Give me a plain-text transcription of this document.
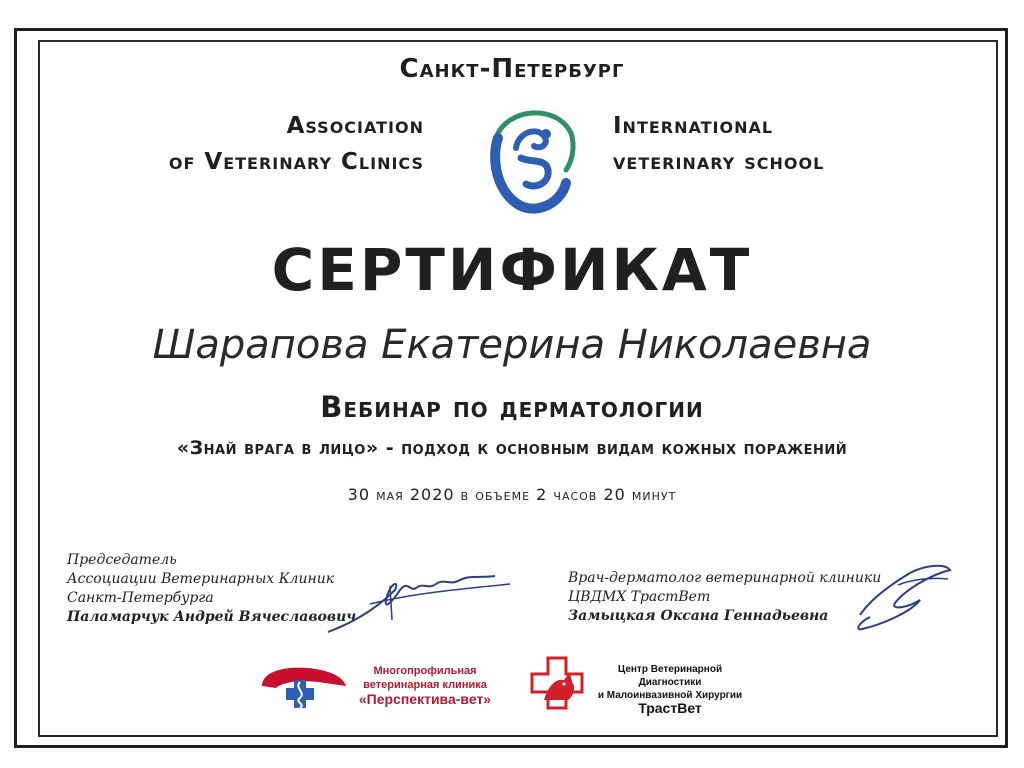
Санкт-Петербург
Association
of Veterinary Clinics
International
veterinary school
СЕРТИФИКАТ
Шарапова Екатерина Николаевна
Вебинар по дерматологии
«Знай врага в лицо» - подход к основным видам кожных поражений
30 мая 2020 в объеме 2 часов 20 минут
Председатель
Ассоциации Ветеринарных Клиник
Санкт-Петербурга
Паламарчук Андрей Вячеславович
Врач-дерматолог ветеринарной клиники
ЦВДМХ ТрастВет
Замыцкая Оксана Геннадьевна
Многопрофильная
ветеринарная клиника
«Перспектива-вет»
Центр Ветеринарной Диагностики
и Малоинвазивной Хирургии
ТрастВет
